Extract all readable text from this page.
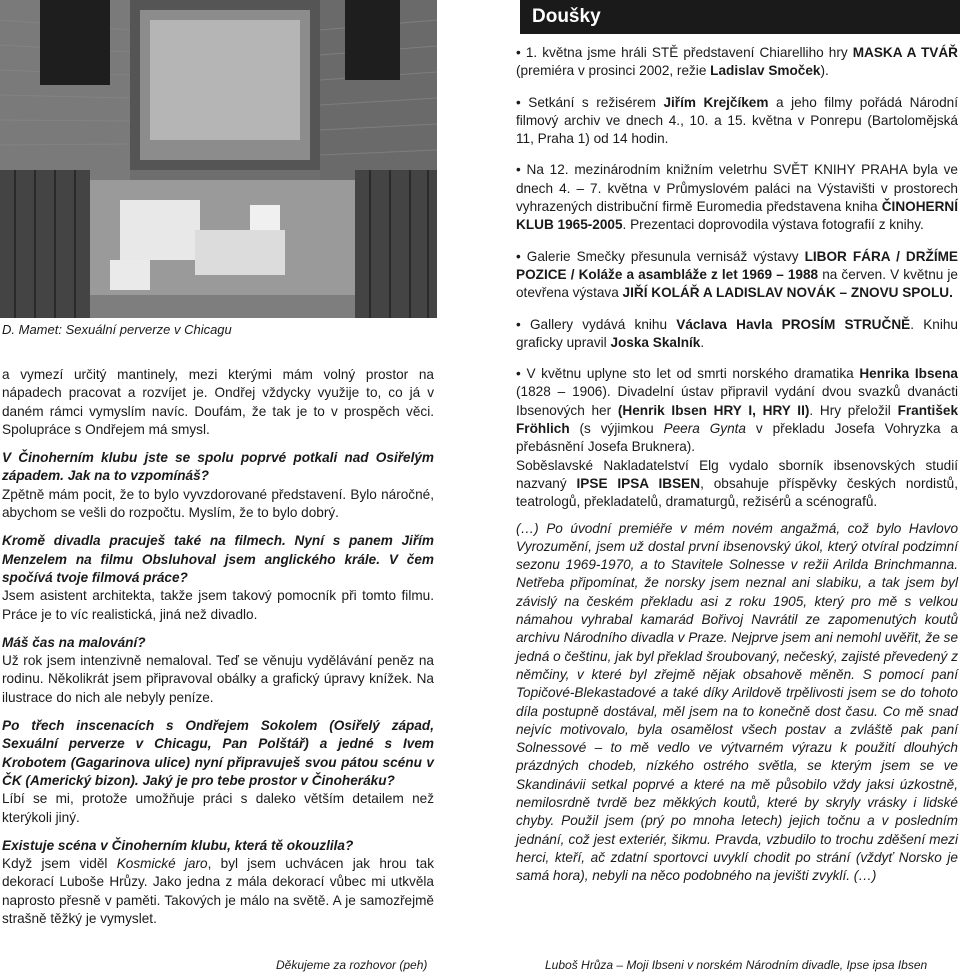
D. Mamet: Sexuální perverze v Chicagu

a vymezí určitý mantinely, mezi kterými mám volný prostor na nápadech pracovat a rozvíjet je. Ondřej vždycky využije to, co já v daném rámci vymyslím navíc. Doufám, že tak je to v prospěch věci. Spolupráce s Ondřejem má smysl.

V Činoherním klubu jste se spolu poprvé potkali nad Osiřelým západem. Jak na to vzpomínáš?

Zpětně mám pocit, že to bylo vyvzdorované představení. Bylo náročné, abychom se vešli do rozpočtu. Myslím, že to bylo dobrý.

Kromě divadla pracuješ také na filmech. Nyní s panem Jiřím Menzelem na filmu Obsluhoval jsem anglického krále. V čem spočívá tvoje filmová práce?

Jsem asistent architekta, takže jsem takový pomocník při tomto filmu. Práce je to víc realistická, jiná než divadlo.

Máš čas na malování?

Už rok jsem intenzivně nemaloval. Teď se věnuju vydělávání peněz na rodinu. Několikrát jsem připravoval obálky a grafický úpravy knížek. Na ilustrace do nich ale nebyly peníze.

Po třech inscenacích s Ondřejem Sokolem (Osiřelý západ, Sexuální perverze v Chicagu, Pan Polštář) a jedné s Ivem Krobotem (Gagarinova ulice) nyní připravuješ svou pátou scénu v ČK (Americký bizon). Jaký je pro tebe prostor v Činoheráku?

Líbí se mi, protože umožňuje práci s daleko větším detailem než kterýkoli jiný.

Existuje scéna v Činoherním klubu, která tě okouzlila?

Když jsem viděl Kosmické jaro, byl jsem uchvácen jak hrou tak dekorací Luboše Hrůzy. Jako jedna z mála dekorací vůbec mi utkvěla naprosto přesně v paměti. Takových je málo na světě. A je samozřejmě strašně těžký je vymyslet.

Děkujeme za rozhovor (peh)
Doušky
• 1. května jsme hráli STĚ představení Chiarelliho hry MASKA A TVÁŘ (premiéra v prosinci 2002, režie Ladislav Smoček).
• Setkání s režisérem Jiřím Krejčíkem a jeho filmy pořádá Národní filmový archiv ve dnech 4., 10. a 15. května v Ponrepu (Bartolomějská 11, Praha 1) od 14 hodin.
• Na 12. mezinárodním knižním veletrhu SVĚT KNIHY PRAHA byla ve dnech 4. – 7. května v Průmyslovém paláci na Výstavišti v prostorech vyhrazených distribuční firmě Euromedia představena kniha ČINOHERNÍ KLUB 1965-2005. Prezentaci doprovodila výstava fotografií z knihy.
• Galerie Smečky přesunula vernisáž výstavy LIBOR FÁRA / DRŽÍME POZICE / Koláže a asambláže z let 1969 – 1988 na červen. V květnu je otevřena výstava JIŘÍ KOLÁŘ A LADISLAV NOVÁK – ZNOVU SPOLU.
• Gallery vydává knihu Václava Havla PROSÍM STRUČNĚ. Knihu graficky upravil Joska Skalník.
• V květnu uplyne sto let od smrti norského dramatika Henrika Ibsena (1828 – 1906). Divadelní ústav připravil vydání dvou svazků dvanácti Ibsenových her (Henrik Ibsen HRY I, HRY II). Hry přeložil František Fröhlich (s výjimkou Peera Gynta v překladu Josefa Vohryzka a přebásnění Josefa Bruknera).

Soběslavské Nakladatelství Elg vydalo sborník ibsenovských studií nazvaný IPSE IPSA IBSEN, obsahuje příspěvky českých nordistů, teatrologů, překladatelů, dramaturgů, režisérů a scénografů.

(…) Po úvodní premiéře v mém novém angažmá, což bylo Havlovo Vyrozumění, jsem už dostal první ibsenovský úkol, který otvíral podzimní sezonu 1969-1970, a to Stavitele Solnesse v režii Arilda Brinchmanna. Netřeba připomínat, že norsky jsem neznal ani slabiku, a tak jsem byl závislý na českém překladu asi z roku 1905, který pro mě s velkou námahou vyhrabal kamarád Bořivoj Navrátil ze zapomenutých koutů archivu Národního divadla v Praze. Nejprve jsem ani nemohl uvěřit, že se jedná o češtinu, jak byl překlad šroubovaný, nečeský, zajisté převedený z němčiny, v které byl zřejmě nějak obsahově měněn. S pomocí paní Topičové-Blekastadové a také díky Arildově trpělivosti jsem se do tohoto díla postupně dostával, měl jsem na to konečně dost času. Co mě snad nejvíc motivovalo, byla osamělost všech postav a zvláště pak paní Solnessové – to mě vedlo ve výtvarném výrazu k použití dlouhých prázdných chodeb, nízkého ostrého světla, se kterým jsem se ve Skandinávii setkal poprvé a které na mě působilo vždy jaksi úzkostně, nemilosrdně tvrdě bez měkkých koutů, které by skryly vrásky i lidské chyby. Použil jsem (prý po mnoha letech) jejich točnu a v posledním jednání, což jest exteriér, šikmu. Pravda, vzbudilo to trochu zděšení mezi herci, kteří, ač zdatní sportovci uvyklí chodit po strání (vždyť Norsko je samá hora), nebyli na něco podobného na jevišti zvyklí. (…)

Luboš Hrůza – Moji Ibseni v norském Národním divadle, Ipse ipsa Ibsen
